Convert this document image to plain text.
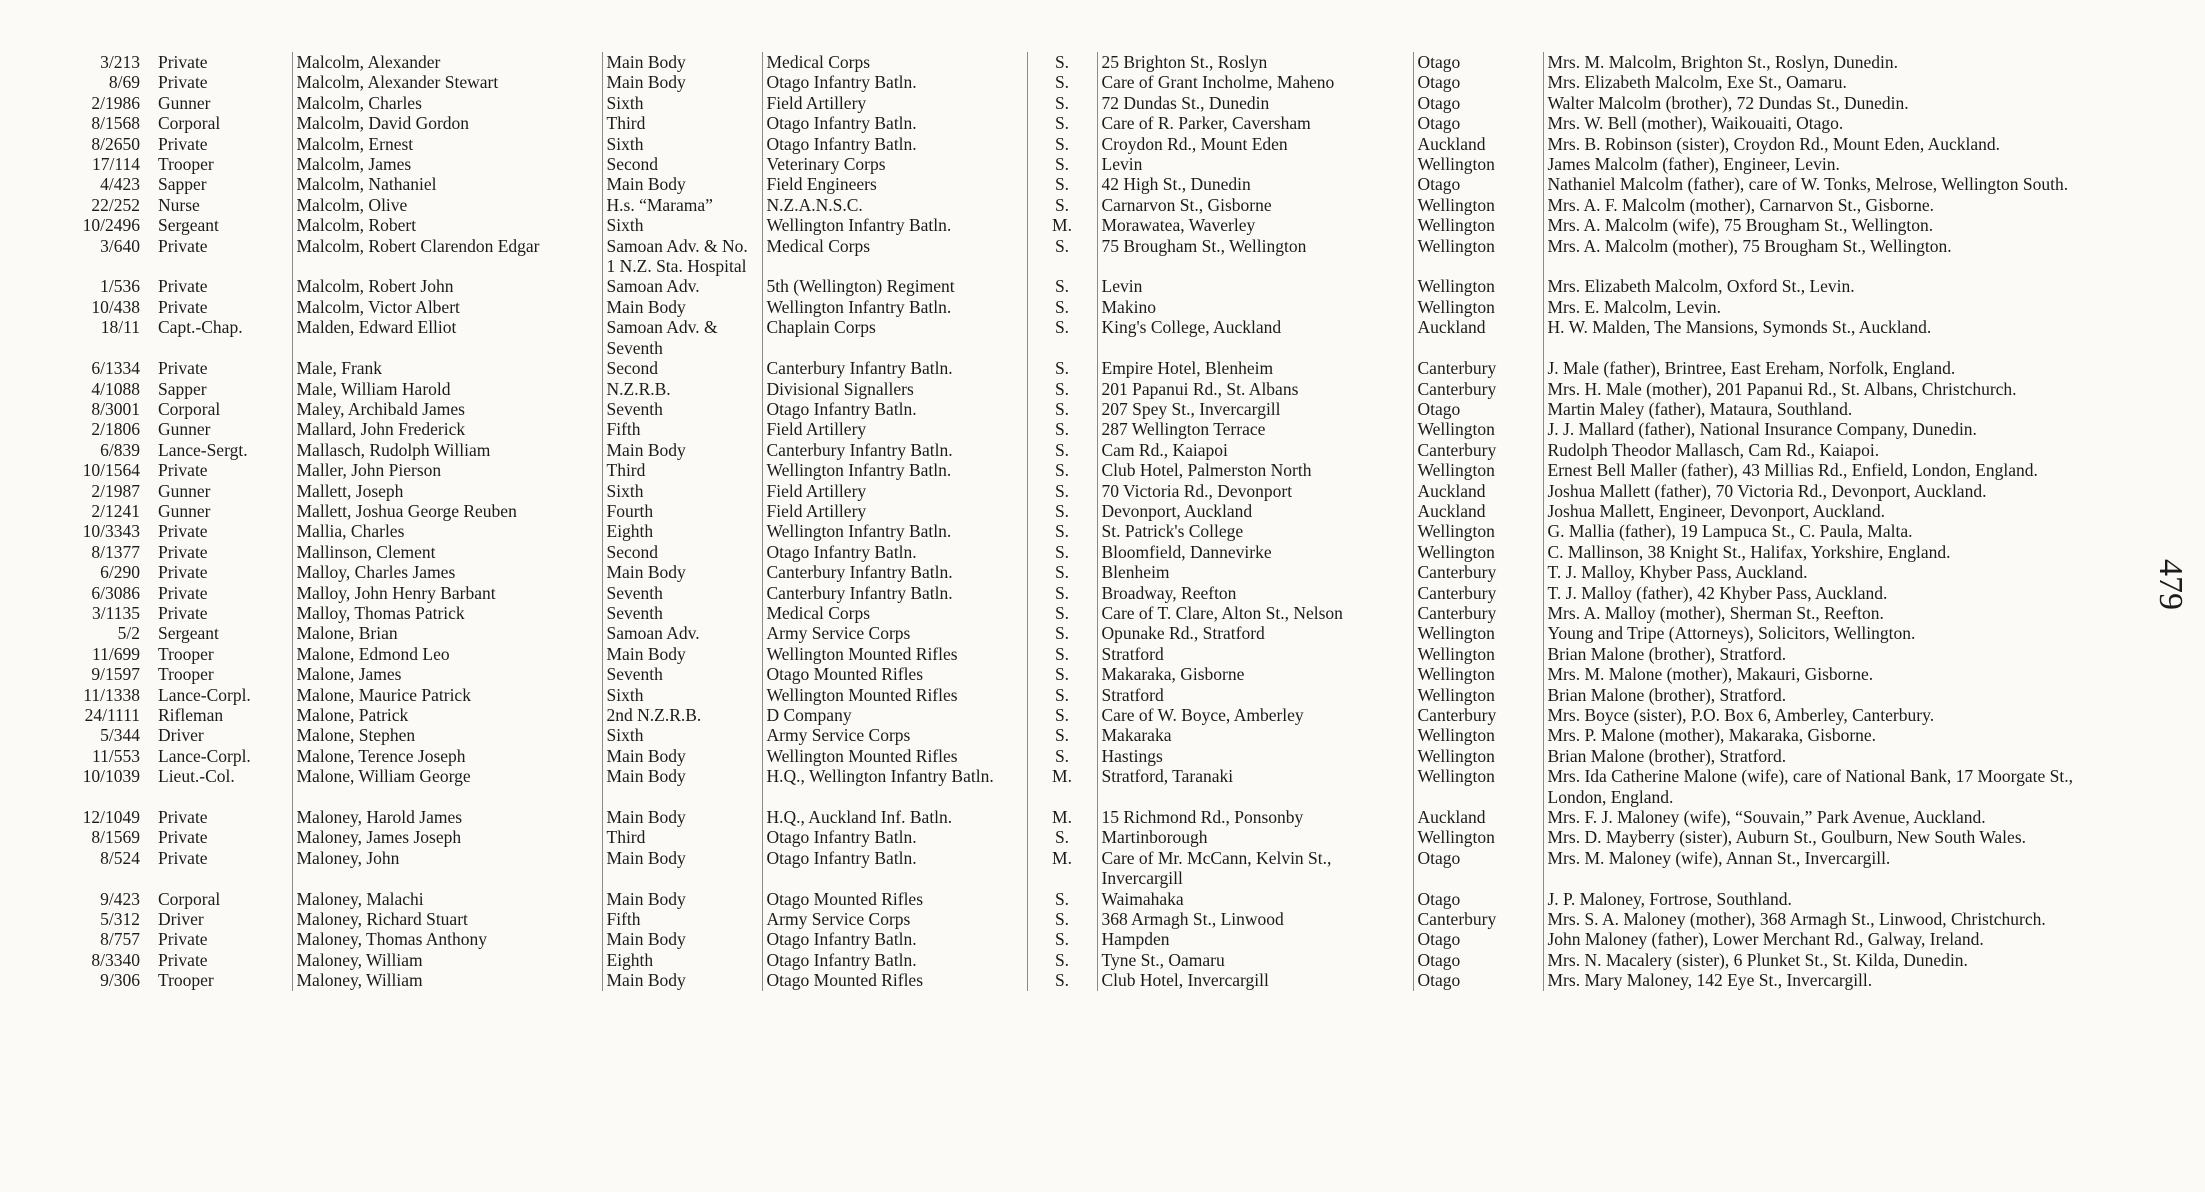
479
3/213	Private	Malcolm, Alexander	Main Body	Medical Corps	S.	25 Brighton St., Roslyn	Otago	Mrs. M. Malcolm, Brighton St., Roslyn, Dunedin.
8/69	Private	Malcolm, Alexander Stewart	Main Body	Otago Infantry Batln.	S.	Care of Grant Incholme, Maheno	Otago	Mrs. Elizabeth Malcolm, Exe St., Oamaru.
2/1986	Gunner	Malcolm, Charles	Sixth	Field Artillery	S.	72 Dundas St., Dunedin	Otago	Walter Malcolm (brother), 72 Dundas St., Dunedin.
8/1568	Corporal	Malcolm, David Gordon	Third	Otago Infantry Batln.	S.	Care of R. Parker, Caversham	Otago	Mrs. W. Bell (mother), Waikouaiti, Otago.
8/2650	Private	Malcolm, Ernest	Sixth	Otago Infantry Batln.	S.	Croydon Rd., Mount Eden	Auckland	Mrs. B. Robinson (sister), Croydon Rd., Mount Eden, Auckland.
17/114	Trooper	Malcolm, James	Second	Veterinary Corps	S.	Levin	Wellington	James Malcolm (father), Engineer, Levin.
4/423	Sapper	Malcolm, Nathaniel	Main Body	Field Engineers	S.	42 High St., Dunedin	Otago	Nathaniel Malcolm (father), care of W. Tonks, Melrose, Wellington South.
22/252	Nurse	Malcolm, Olive	H.s. “Marama”	N.Z.A.N.S.C.	S.	Carnarvon St., Gisborne	Wellington	Mrs. A. F. Malcolm (mother), Carnarvon St., Gisborne.
10/2496	Sergeant	Malcolm, Robert	Sixth	Wellington Infantry Batln.	M.	Morawatea, Waverley	Wellington	Mrs. A. Malcolm (wife), 75 Brougham St., Wellington.
3/640	Private	Malcolm, Robert Clarendon Edgar	Samoan Adv. & No. 1 N.Z. Sta. Hospital	Medical Corps	S.	75 Brougham St., Wellington	Wellington	Mrs. A. Malcolm (mother), 75 Brougham St., Wellington.
1/536	Private	Malcolm, Robert John	Samoan Adv.	5th (Wellington) Regiment	S.	Levin	Wellington	Mrs. Elizabeth Malcolm, Oxford St., Levin.
10/438	Private	Malcolm, Victor Albert	Main Body	Wellington Infantry Batln.	S.	Makino	Wellington	Mrs. E. Malcolm, Levin.
18/11	Capt.-Chap.	Malden, Edward Elliot	Samoan Adv. & Seventh	Chaplain Corps	S.	King's College, Auckland	Auckland	H. W. Malden, The Mansions, Symonds St., Auckland.
6/1334	Private	Male, Frank	Second	Canterbury Infantry Batln.	S.	Empire Hotel, Blenheim	Canterbury	J. Male (father), Brintree, East Ereham, Norfolk, England.
4/1088	Sapper	Male, William Harold	N.Z.R.B.	Divisional Signallers	S.	201 Papanui Rd., St. Albans	Canterbury	Mrs. H. Male (mother), 201 Papanui Rd., St. Albans, Christchurch.
8/3001	Corporal	Maley, Archibald James	Seventh	Otago Infantry Batln.	S.	207 Spey St., Invercargill	Otago	Martin Maley (father), Mataura, Southland.
2/1806	Gunner	Mallard, John Frederick	Fifth	Field Artillery	S.	287 Wellington Terrace	Wellington	J. J. Mallard (father), National Insurance Company, Dunedin.
6/839	Lance-Sergt.	Mallasch, Rudolph William	Main Body	Canterbury Infantry Batln.	S.	Cam Rd., Kaiapoi	Canterbury	Rudolph Theodor Mallasch, Cam Rd., Kaiapoi.
10/1564	Private	Maller, John Pierson	Third	Wellington Infantry Batln.	S.	Club Hotel, Palmerston North	Wellington	Ernest Bell Maller (father), 43 Millias Rd., Enfield, London, England.
2/1987	Gunner	Mallett, Joseph	Sixth	Field Artillery	S.	70 Victoria Rd., Devonport	Auckland	Joshua Mallett (father), 70 Victoria Rd., Devonport, Auckland.
2/1241	Gunner	Mallett, Joshua George Reuben	Fourth	Field Artillery	S.	Devonport, Auckland	Auckland	Joshua Mallett, Engineer, Devonport, Auckland.
10/3343	Private	Mallia, Charles	Eighth	Wellington Infantry Batln.	S.	St. Patrick's College	Wellington	G. Mallia (father), 19 Lampuca St., C. Paula, Malta.
8/1377	Private	Mallinson, Clement	Second	Otago Infantry Batln.	S.	Bloomfield, Dannevirke	Wellington	C. Mallinson, 38 Knight St., Halifax, Yorkshire, England.
6/290	Private	Malloy, Charles James	Main Body	Canterbury Infantry Batln.	S.	Blenheim	Canterbury	T. J. Malloy, Khyber Pass, Auckland.
6/3086	Private	Malloy, John Henry Barbant	Seventh	Canterbury Infantry Batln.	S.	Broadway, Reefton	Canterbury	T. J. Malloy (father), 42 Khyber Pass, Auckland.
3/1135	Private	Malloy, Thomas Patrick	Seventh	Medical Corps	S.	Care of T. Clare, Alton St., Nelson	Canterbury	Mrs. A. Malloy (mother), Sherman St., Reefton.
5/2	Sergeant	Malone, Brian	Samoan Adv.	Army Service Corps	S.	Opunake Rd., Stratford	Wellington	Young and Tripe (Attorneys), Solicitors, Wellington.
11/699	Trooper	Malone, Edmond Leo	Main Body	Wellington Mounted Rifles	S.	Stratford	Wellington	Brian Malone (brother), Stratford.
9/1597	Trooper	Malone, James	Seventh	Otago Mounted Rifles	S.	Makaraka, Gisborne	Wellington	Mrs. M. Malone (mother), Makauri, Gisborne.
11/1338	Lance-Corpl.	Malone, Maurice Patrick	Sixth	Wellington Mounted Rifles	S.	Stratford	Wellington	Brian Malone (brother), Stratford.
24/1111	Rifleman	Malone, Patrick	2nd N.Z.R.B.	D Company	S.	Care of W. Boyce, Amberley	Canterbury	Mrs. Boyce (sister), P.O. Box 6, Amberley, Canterbury.
5/344	Driver	Malone, Stephen	Sixth	Army Service Corps	S.	Makaraka	Wellington	Mrs. P. Malone (mother), Makaraka, Gisborne.
11/553	Lance-Corpl.	Malone, Terence Joseph	Main Body	Wellington Mounted Rifles	S.	Hastings	Wellington	Brian Malone (brother), Stratford.
10/1039	Lieut.-Col.	Malone, William George	Main Body	H.Q., Wellington Infantry Batln.	M.	Stratford, Taranaki	Wellington	Mrs. Ida Catherine Malone (wife), care of National Bank, 17 Moorgate St., London, England.
12/1049	Private	Maloney, Harold James	Main Body	H.Q., Auckland Inf. Batln.	M.	15 Richmond Rd., Ponsonby	Auckland	Mrs. F. J. Maloney (wife), “Souvain,” Park Avenue, Auckland.
8/1569	Private	Maloney, James Joseph	Third	Otago Infantry Batln.	S.	Martinborough	Wellington	Mrs. D. Mayberry (sister), Auburn St., Goulburn, New South Wales.
8/524	Private	Maloney, John	Main Body	Otago Infantry Batln.	M.	Care of Mr. McCann, Kelvin St., Invercargill	Otago	Mrs. M. Maloney (wife), Annan St., Invercargill.
9/423	Corporal	Maloney, Malachi	Main Body	Otago Mounted Rifles	S.	Waimahaka	Otago	J. P. Maloney, Fortrose, Southland.
5/312	Driver	Maloney, Richard Stuart	Fifth	Army Service Corps	S.	368 Armagh St., Linwood	Canterbury	Mrs. S. A. Maloney (mother), 368 Armagh St., Linwood, Christchurch.
8/757	Private	Maloney, Thomas Anthony	Main Body	Otago Infantry Batln.	S.	Hampden	Otago	John Maloney (father), Lower Merchant Rd., Galway, Ireland.
8/3340	Private	Maloney, William	Eighth	Otago Infantry Batln.	S.	Tyne St., Oamaru	Otago	Mrs. N. Macalery (sister), 6 Plunket St., St. Kilda, Dunedin.
9/306	Trooper	Maloney, William	Main Body	Otago Mounted Rifles	S.	Club Hotel, Invercargill	Otago	Mrs. Mary Maloney, 142 Eye St., Invercargill.
